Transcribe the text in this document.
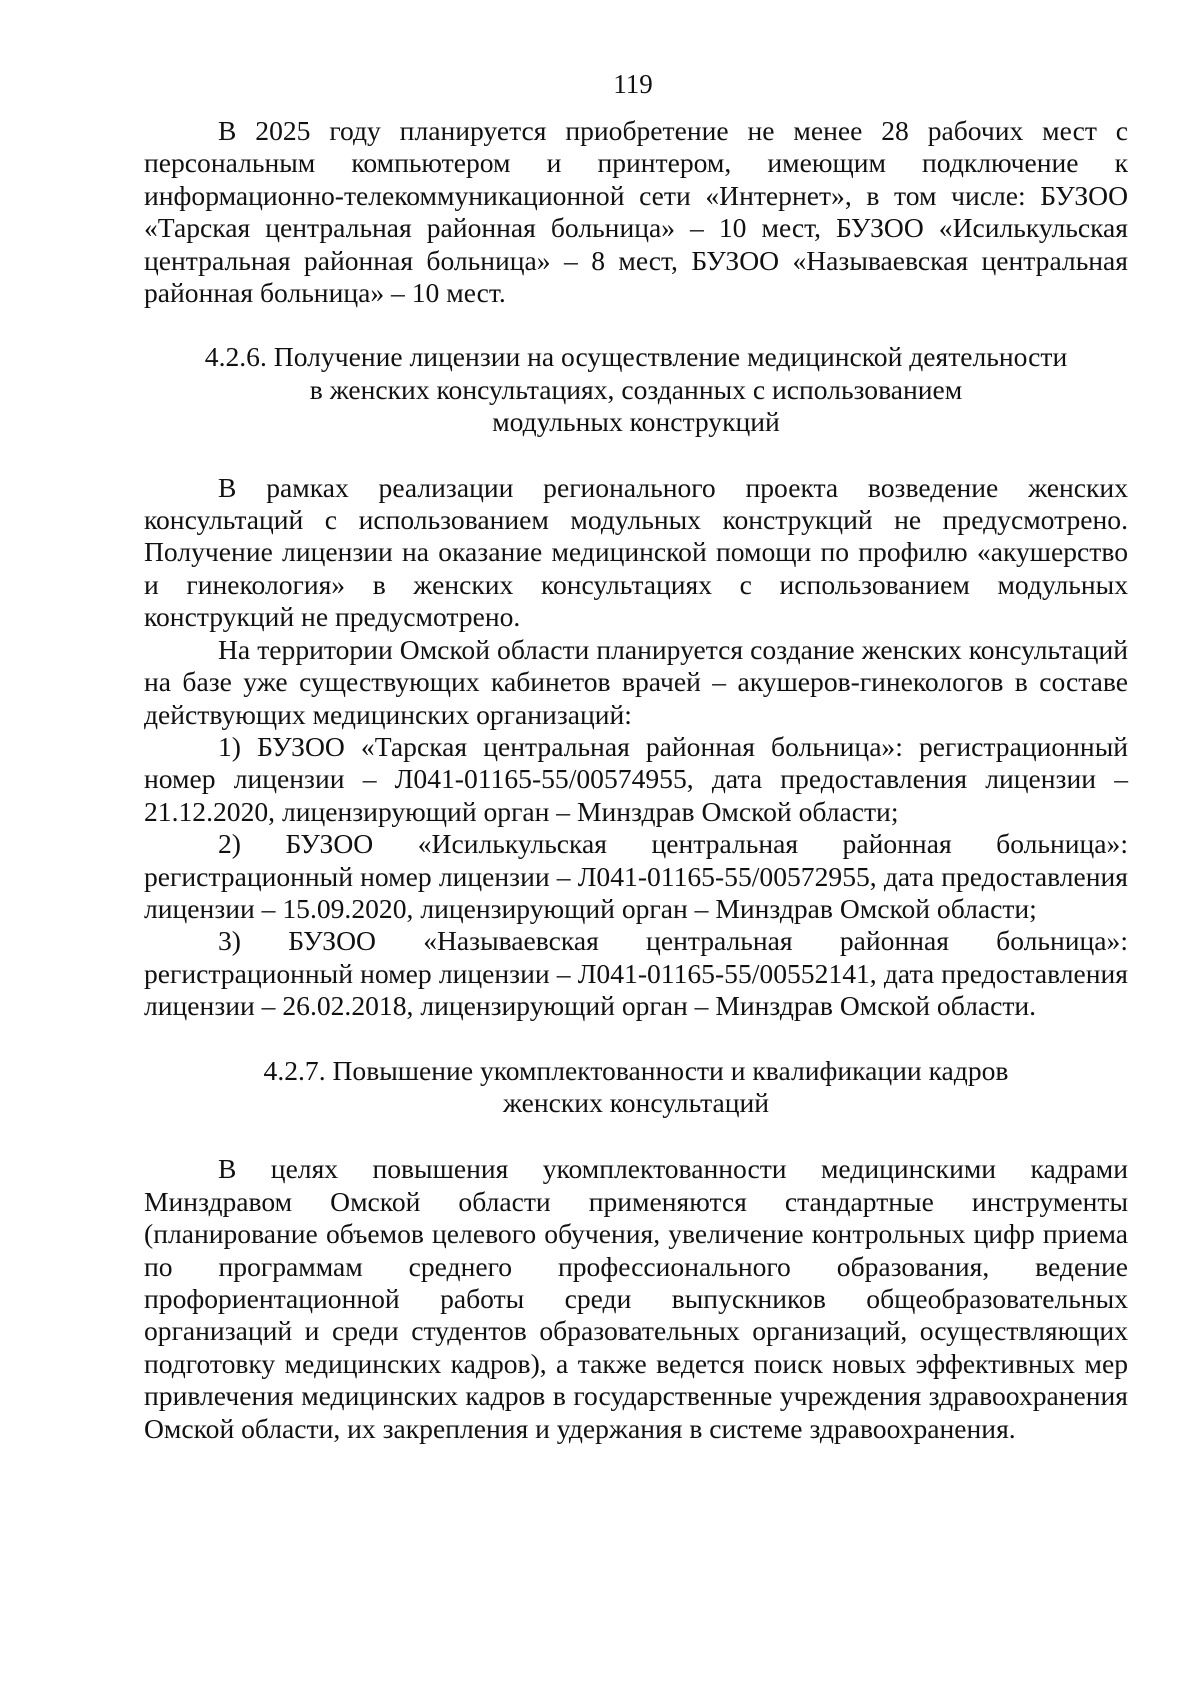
119

В 2025 году планируется приобретение не менее 28 рабочих мест с персональным компьютером и принтером, имеющим подключение к информационно-телекоммуникационной сети «Интернет», в том числе: БУЗОО «Тарская центральная районная больница» – 10 мест, БУЗОО «Исилькульская центральная районная больница» – 8 мест, БУЗОО «Называевская центральная районная больница» – 10 мест.

4.2.6. Получение лицензии на осуществление медицинской деятельности
в женских консультациях, созданных с использованием
модульных конструкций

В рамках реализации регионального проекта возведение женских консультаций с использованием модульных конструкций не предусмотрено. Получение лицензии на оказание медицинской помощи по профилю «акушерство и гинекология» в женских консультациях с использованием модульных конструкций не предусмотрено.

На территории Омской области планируется создание женских консультаций на базе уже существующих кабинетов врачей – акушеров-гинекологов в составе действующих медицинских организаций:

1) БУЗОО «Тарская центральная районная больница»: регистрационный номер лицензии – Л041-01165-55/00574955, дата предоставления лицензии – 21.12.2020, лицензирующий орган – Минздрав Омской области;

2) БУЗОО «Исилькульская центральная районная больница»: регистрационный номер лицензии – Л041-01165-55/00572955, дата предоставления лицензии – 15.09.2020, лицензирующий орган – Минздрав Омской области;

3) БУЗОО «Называевская центральная районная больница»: регистрационный номер лицензии – Л041-01165-55/00552141, дата предоставления лицензии – 26.02.2018, лицензирующий орган – Минздрав Омской области.

4.2.7. Повышение укомплектованности и квалификации кадров
женских консультаций

В целях повышения укомплектованности медицинскими кадрами Минздравом Омской области применяются стандартные инструменты (планирование объемов целевого обучения, увеличение контрольных цифр приема по программам среднего профессионального образования, ведение профориентационной работы среди выпускников общеобразовательных организаций и среди студентов образовательных организаций, осуществляющих подготовку медицинских кадров), а также ведется поиск новых эффективных мер привлечения медицинских кадров в государственные учреждения здравоохранения Омской области, их закрепления и удержания в системе здравоохранения.
